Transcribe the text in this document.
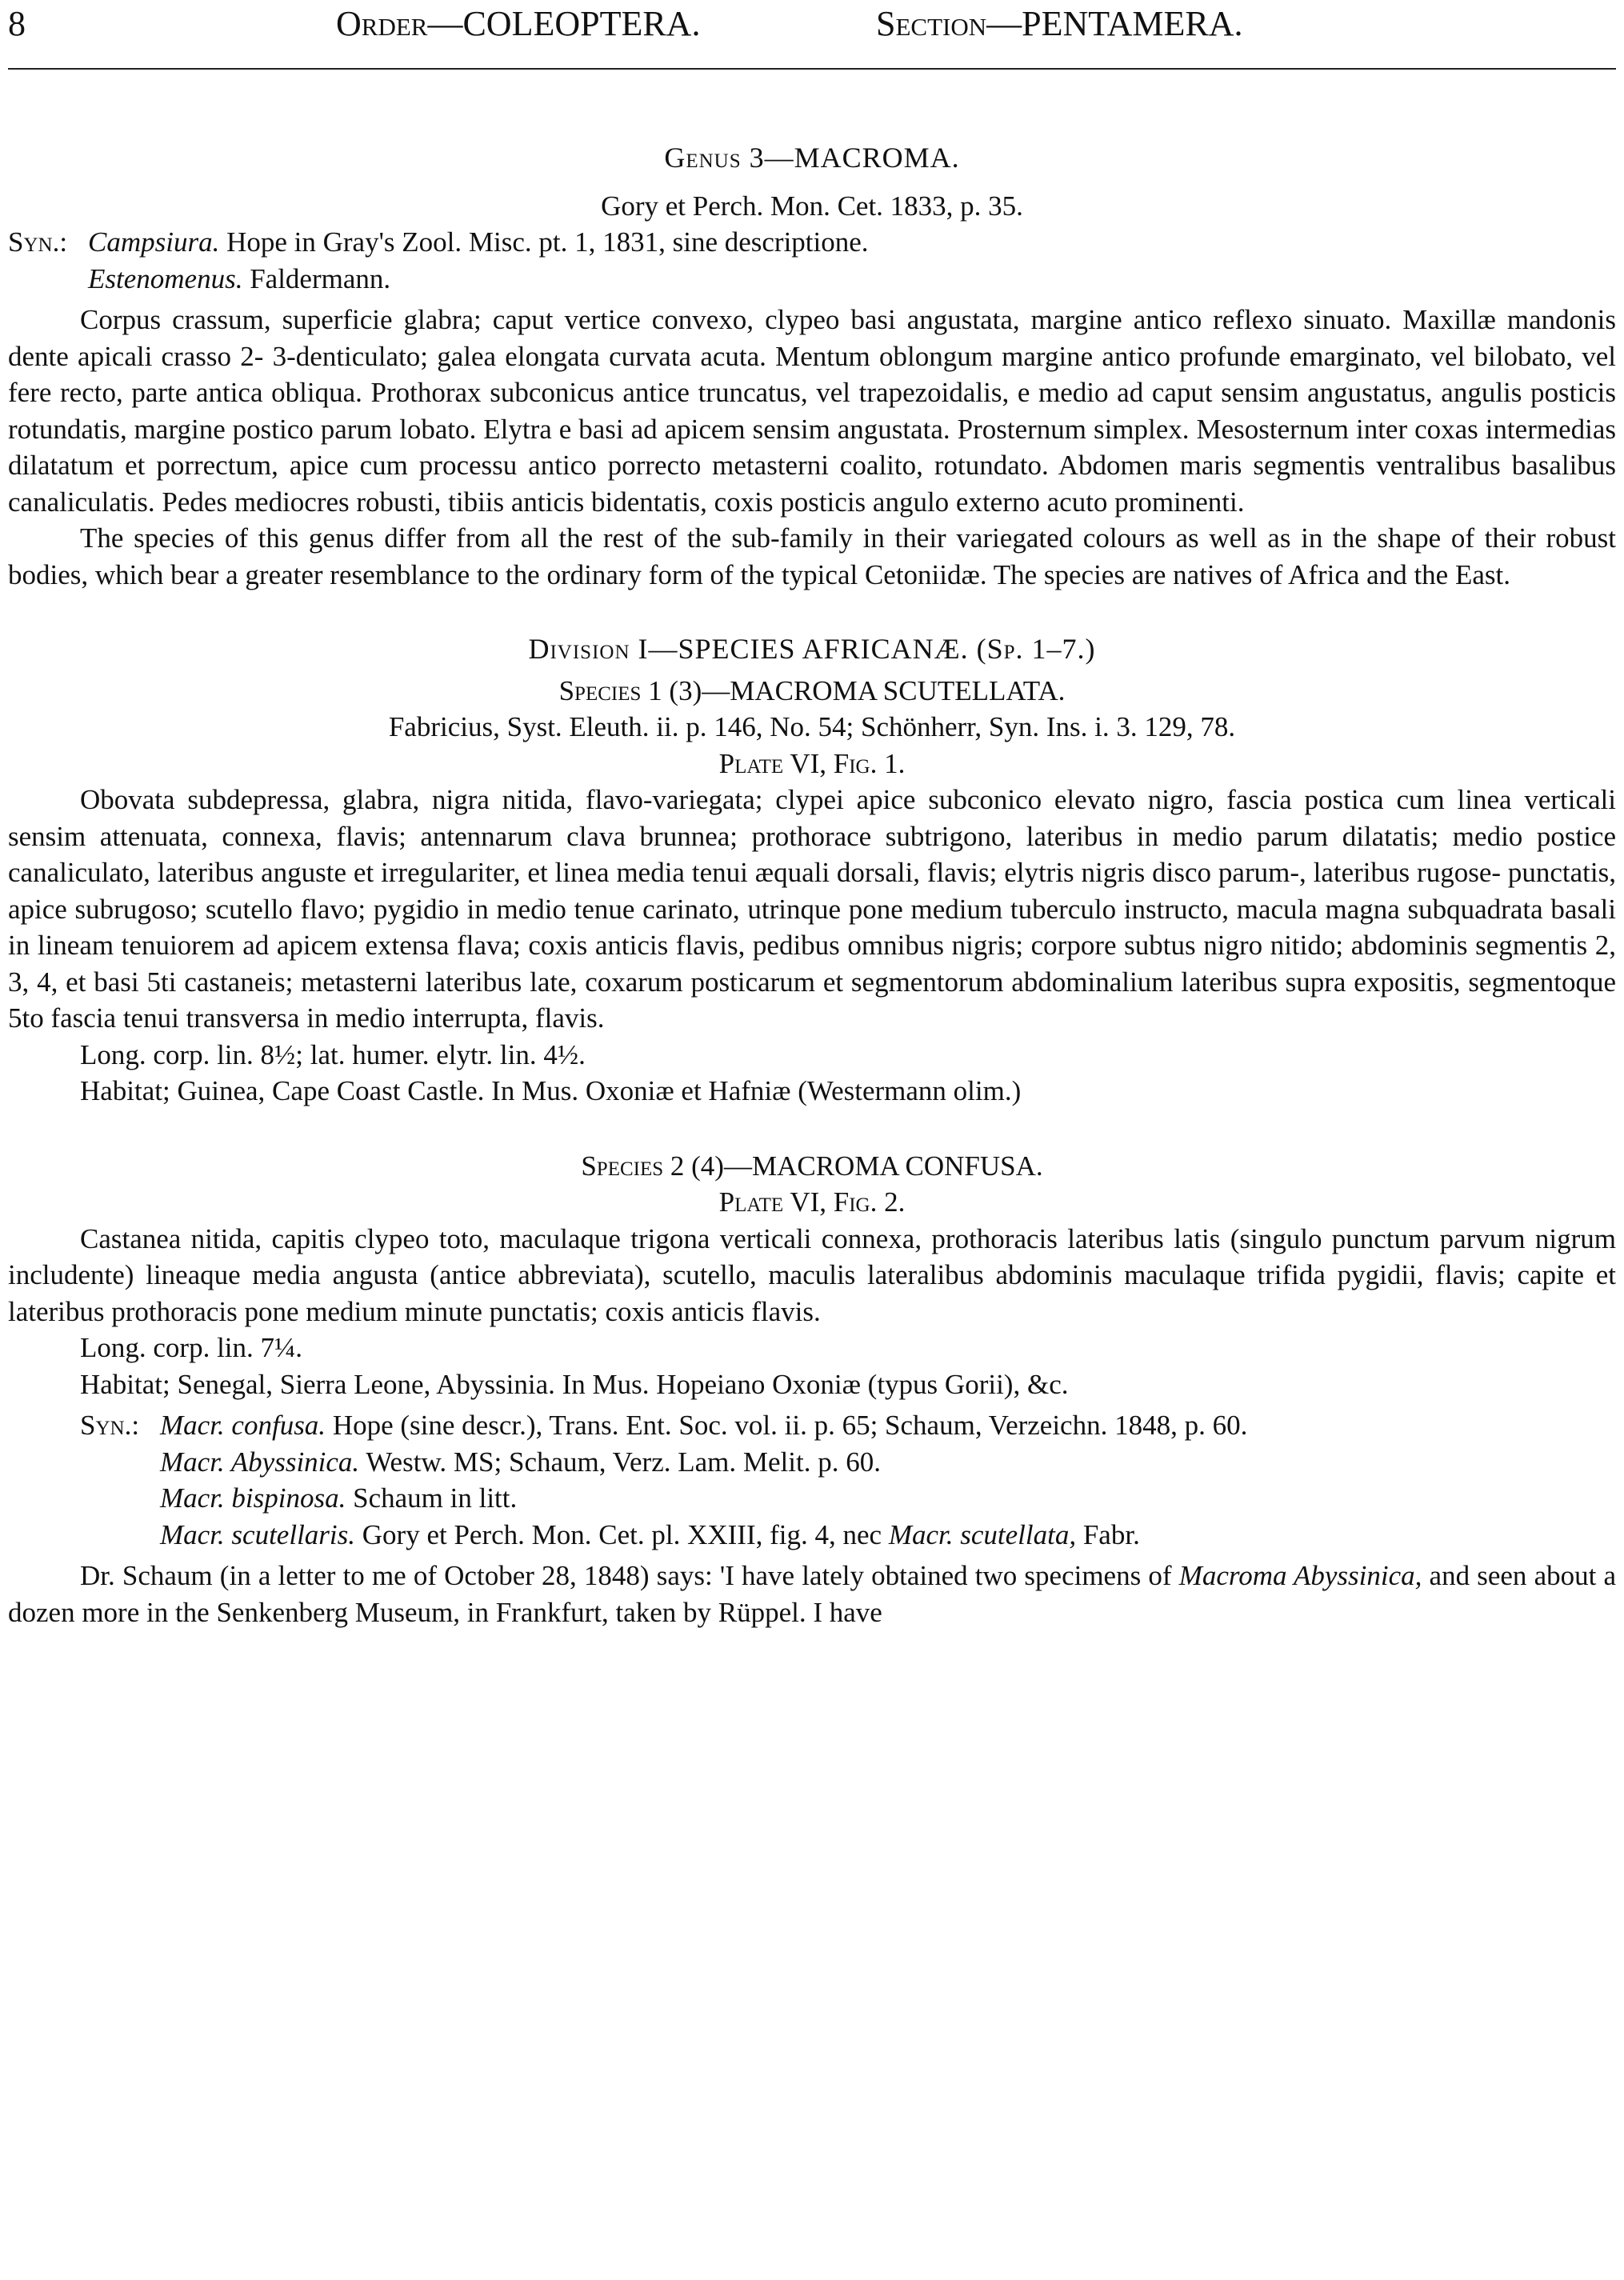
8	Order—COLEOPTERA.	Section—PENTAMERA.

Genus 3—MACROMA.

Gory et Perch. Mon. Cet. 1833, p. 35.

Syn.: Campsiura. Hope in Gray's Zool. Misc. pt. 1, 1831, sine descriptione.
Estenomenus. Faldermann.

Corpus crassum, superficie glabra; caput vertice convexo, clypeo basi angustata, margine antico reflexo sinuato. Maxillæ mandonis dente apicali crasso 2- 3-denticulato; galea elongata curvata acuta. Mentum oblongum margine antico profunde emarginato, vel bilobato, vel fere recto, parte antica obliqua. Prothorax subconicus antice truncatus, vel trapezoidalis, e medio ad caput sensim angustatus, angulis posticis rotundatis, margine postico parum lobato. Elytra e basi ad apicem sensim angustata. Prosternum simplex. Mesosternum inter coxas intermedias dilatatum et porrectum, apice cum processu antico porrecto metasterni coalito, rotundato. Abdomen maris segmentis ventralibus basalibus canaliculatis. Pedes mediocres robusti, tibiis anticis bidentatis, coxis posticis angulo externo acuto prominenti.

The species of this genus differ from all the rest of the sub-family in their variegated colours as well as in the shape of their robust bodies, which bear a greater resemblance to the ordinary form of the typical Cetoniidæ. The species are natives of Africa and the East.

Division I—SPECIES AFRICANÆ. (Sp. 1–7.)

Species 1 (3)—MACROMA SCUTELLATA.

Fabricius, Syst. Eleuth. ii. p. 146, No. 54; Schönherr, Syn. Ins. i. 3. 129, 78.

Plate VI, Fig. 1.

Obovata subdepressa, glabra, nigra nitida, flavo-variegata; clypei apice subconico elevato nigro, fascia postica cum linea verticali sensim attenuata, connexa, flavis; antennarum clava brunnea; prothorace subtrigono, lateribus in medio parum dilatatis; medio postice canaliculato, lateribus anguste et irregulariter, et linea media tenui æquali dorsali, flavis; elytris nigris disco parum-, lateribus rugose- punctatis, apice subrugoso; scutello flavo; pygidio in medio tenue carinato, utrinque pone medium tuberculo instructo, macula magna subquadrata basali in lineam tenuiorem ad apicem extensa flava; coxis anticis flavis, pedibus omnibus nigris; corpore subtus nigro nitido; abdominis segmentis 2, 3, 4, et basi 5ti castaneis; metasterni lateribus late, coxarum posticarum et segmentorum abdominalium lateribus supra expositis, segmentoque 5to fascia tenui transversa in medio interrupta, flavis.

Long. corp. lin. 8½; lat. humer. elytr. lin. 4½.

Habitat; Guinea, Cape Coast Castle. In Mus. Oxoniæ et Hafniæ (Westermann olim.)

Species 2 (4)—MACROMA CONFUSA.

Plate VI, Fig. 2.

Castanea nitida, capitis clypeo toto, maculaque trigona verticali connexa, prothoracis lateribus latis (singulo punctum parvum nigrum includente) lineaque media angusta (antice abbreviata), scutello, maculis lateralibus abdominis maculaque trifida pygidii, flavis; capite et lateribus prothoracis pone medium minute punctatis; coxis anticis flavis.

Long. corp. lin. 7¼.

Habitat; Senegal, Sierra Leone, Abyssinia. In Mus. Hopeiano Oxoniæ (typus Gorii), &c.

Syn.: Macr. confusa. Hope (sine descr.), Trans. Ent. Soc. vol. ii. p. 65; Schaum, Verzeichn. 1848, p. 60.
Macr. Abyssinica. Westw. MS; Schaum, Verz. Lam. Melit. p. 60.
Macr. bispinosa. Schaum in litt.
Macr. scutellaris. Gory et Perch. Mon. Cet. pl. XXIII, fig. 4, nec Macr. scutellata, Fabr.

Dr. Schaum (in a letter to me of October 28, 1848) says: 'I have lately obtained two specimens of Macroma Abyssinica, and seen about a dozen more in the Senkenberg Museum, in Frankfurt, taken by Rüppel. I have
